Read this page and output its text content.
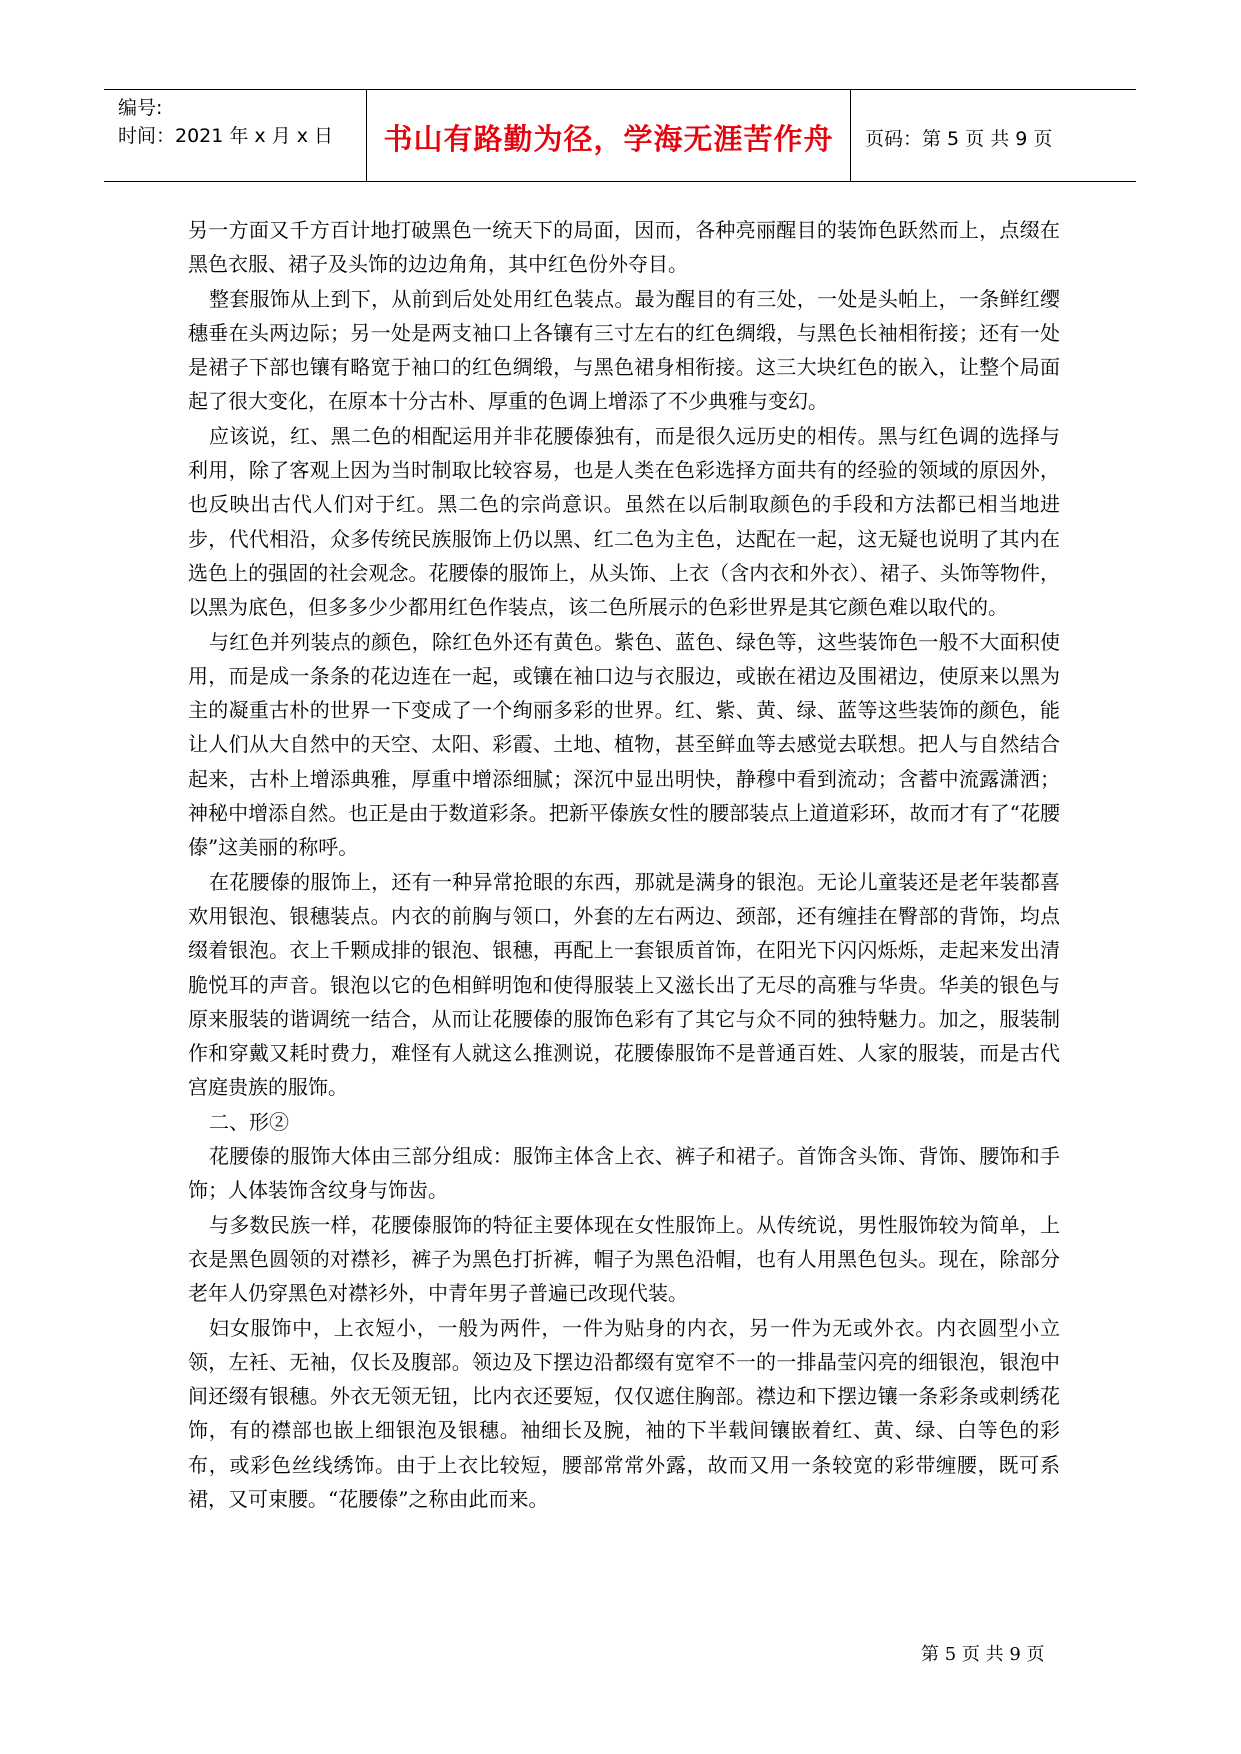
编号:
时间：2021 年 x 月 x 日	书山有路勤为径，学海无涯苦作舟 页码：第 5 页 共 9 页

另一方面又千方百计地打破黑色一统天下的局面，因而，各种亮丽醒目的装饰色跃然而上，点缀在黑色衣服、裙子及头饰的边边角角，其中红色份外夺目。

整套服饰从上到下，从前到后处处用红色装点。最为醒目的有三处，一处是头帕上，一条鲜红缨穗垂在头两边际；另一处是两支袖口上各镶有三寸左右的红色绸缎，与黑色长袖相衔接；还有一处是裙子下部也镶有略宽于袖口的红色绸缎，与黑色裙身相衔接。这三大块红色的嵌入，让整个局面起了很大变化，在原本十分古朴、厚重的色调上增添了不少典雅与变幻。

应该说，红、黑二色的相配运用并非花腰傣独有，而是很久远历史的相传。黑与红色调的选择与利用，除了客观上因为当时制取比较容易，也是人类在色彩选择方面共有的经验的领域的原因外，也反映出古代人们对于红。黑二色的宗尚意识。虽然在以后制取颜色的手段和方法都已相当地进步，代代相沿，众多传统民族服饰上仍以黑、红二色为主色，达配在一起，这无疑也说明了其内在选色上的强固的社会观念。花腰傣的服饰上，从头饰、上衣（含内衣和外衣）、裙子、头饰等物件，以黑为底色，但多多少少都用红色作装点，该二色所展示的色彩世界是其它颜色难以取代的。

与红色并列装点的颜色，除红色外还有黄色。紫色、蓝色、绿色等，这些装饰色一般不大面积使用，而是成一条条的花边连在一起，或镶在袖口边与衣服边，或嵌在裙边及围裙边，使原来以黑为主的凝重古朴的世界一下变成了一个绚丽多彩的世界。红、紫、黄、绿、蓝等这些装饰的颜色，能让人们从大自然中的天空、太阳、彩霞、土地、植物，甚至鲜血等去感觉去联想。把人与自然结合起来，古朴上增添典雅，厚重中增添细腻；深沉中显出明快，静穆中看到流动；含蓄中流露潇洒；神秘中增添自然。也正是由于数道彩条。把新平傣族女性的腰部装点上道道彩环，故而才有了“花腰傣”这美丽的称呼。

在花腰傣的服饰上，还有一种异常抢眼的东西，那就是满身的银泡。无论儿童装还是老年装都喜欢用银泡、银穗装点。内衣的前胸与领口，外套的左右两边、颈部，还有缠挂在臀部的背饰，均点缀着银泡。衣上千颗成排的银泡、银穗，再配上一套银质首饰，在阳光下闪闪烁烁，走起来发出清脆悦耳的声音。银泡以它的色相鲜明饱和使得服装上又滋长出了无尽的高雅与华贵。华美的银色与原来服装的谐调统一结合，从而让花腰傣的服饰色彩有了其它与众不同的独特魅力。加之，服装制作和穿戴又耗时费力，难怪有人就这么推测说，花腰傣服饰不是普通百姓、人家的服装，而是古代宫庭贵族的服饰。

二、形②

花腰傣的服饰大体由三部分组成：服饰主体含上衣、裤子和裙子。首饰含头饰、背饰、腰饰和手饰；人体装饰含纹身与饰齿。

与多数民族一样，花腰傣服饰的特征主要体现在女性服饰上。从传统说，男性服饰较为简单，上衣是黑色圆领的对襟衫，裤子为黑色打折裤，帽子为黑色沿帽，也有人用黑色包头。现在，除部分老年人仍穿黑色对襟衫外，中青年男子普遍已改现代装。

妇女服饰中，上衣短小，一般为两件，一件为贴身的内衣，另一件为无或外衣。内衣圆型小立领，左衽、无袖，仅长及腹部。领边及下摆边沿都缀有宽窄不一的一排晶莹闪亮的细银泡，银泡中间还缀有银穗。外衣无领无钮，比内衣还要短，仅仅遮住胸部。襟边和下摆边镶一条彩条或刺绣花饰，有的襟部也嵌上细银泡及银穗。袖细长及腕，袖的下半载间镶嵌着红、黄、绿、白等色的彩布，或彩色丝线绣饰。由于上衣比较短，腰部常常外露，故而又用一条较宽的彩带缠腰，既可系裙，又可束腰。“花腰傣”之称由此而来。

第 5 页 共 9 页
